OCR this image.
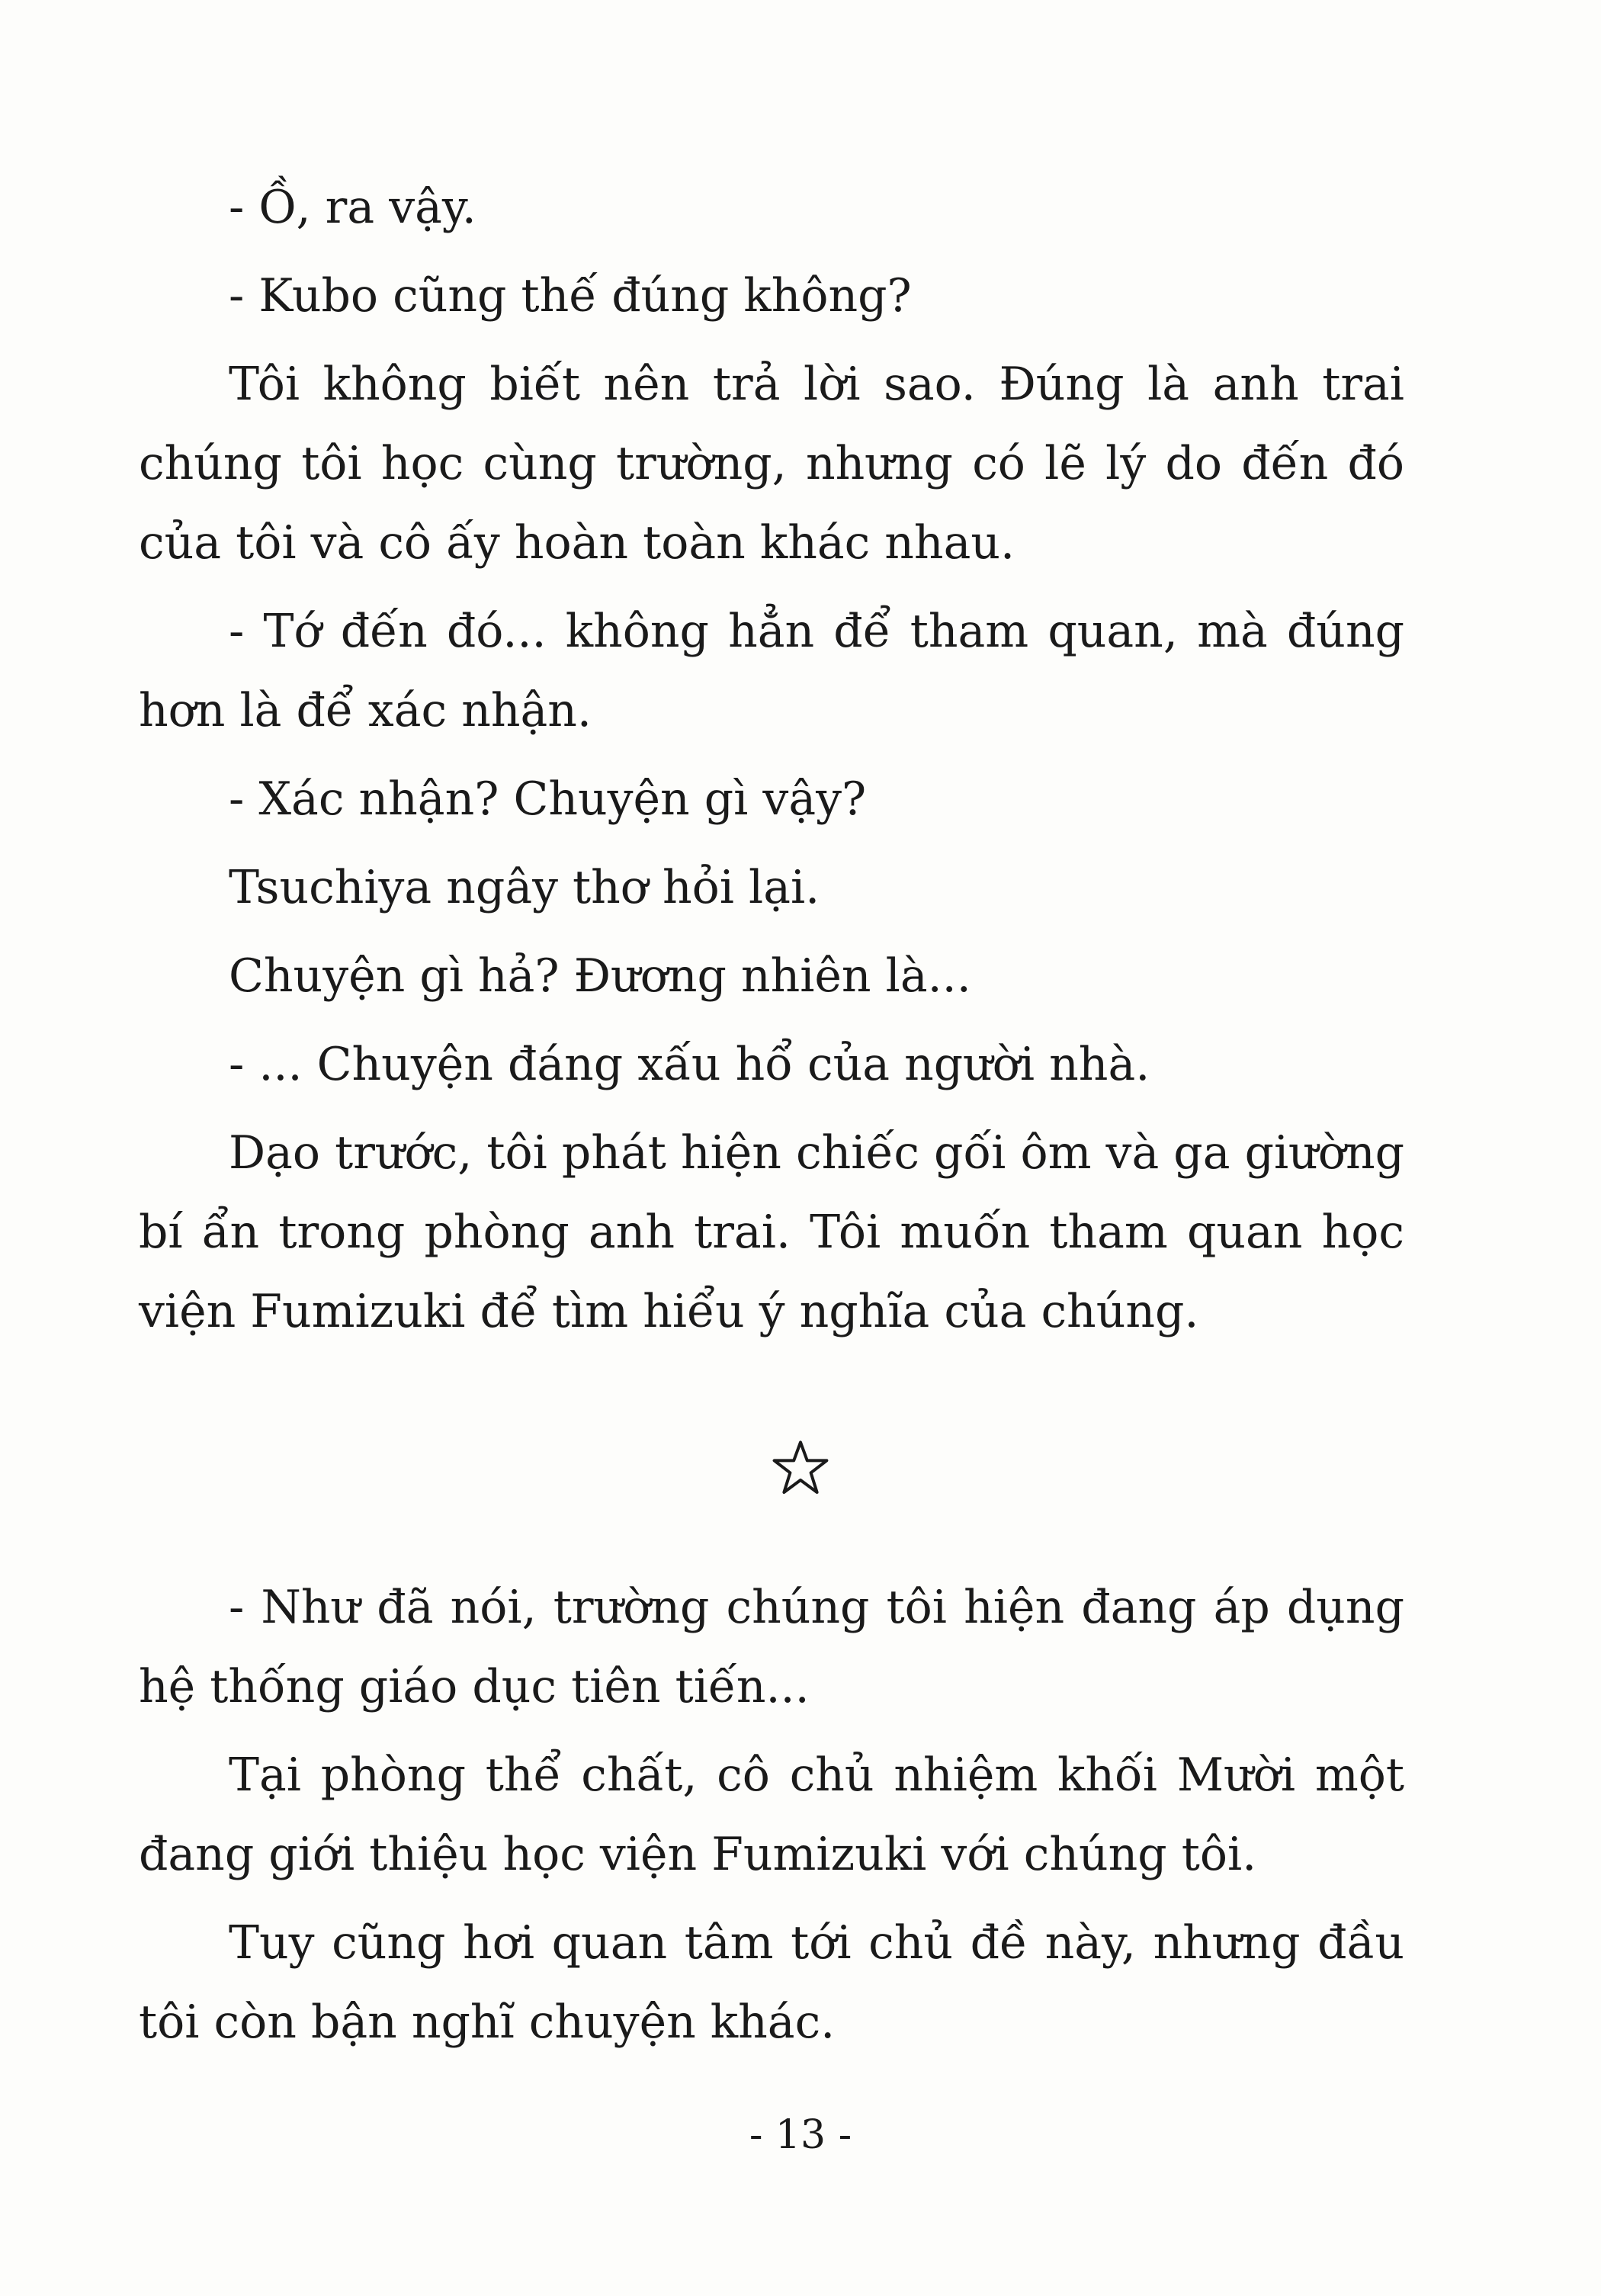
- Ồ, ra vậy.

- Kubo cũng thế đúng không?

Tôi không biết nên trả lời sao. Đúng là anh trai chúng tôi học cùng trường, nhưng có lẽ lý do đến đó của tôi và cô ấy hoàn toàn khác nhau.

- Tớ đến đó... không hẳn để tham quan, mà đúng hơn là để xác nhận.

- Xác nhận? Chuyện gì vậy?

Tsuchiya ngây thơ hỏi lại.

Chuyện gì hả? Đương nhiên là...

- ... Chuyện đáng xấu hổ của người nhà.

Dạo trước, tôi phát hiện chiếc gối ôm và ga giường bí ẩn trong phòng anh trai. Tôi muốn tham quan học viện Fumizuki để tìm hiểu ý nghĩa của chúng.

- Như đã nói, trường chúng tôi hiện đang áp dụng hệ thống giáo dục tiên tiến...

Tại phòng thể chất, cô chủ nhiệm khối Mười một đang giới thiệu học viện Fumizuki với chúng tôi.

Tuy cũng hơi quan tâm tới chủ đề này, nhưng đầu tôi còn bận nghĩ chuyện khác.

- 13 -
